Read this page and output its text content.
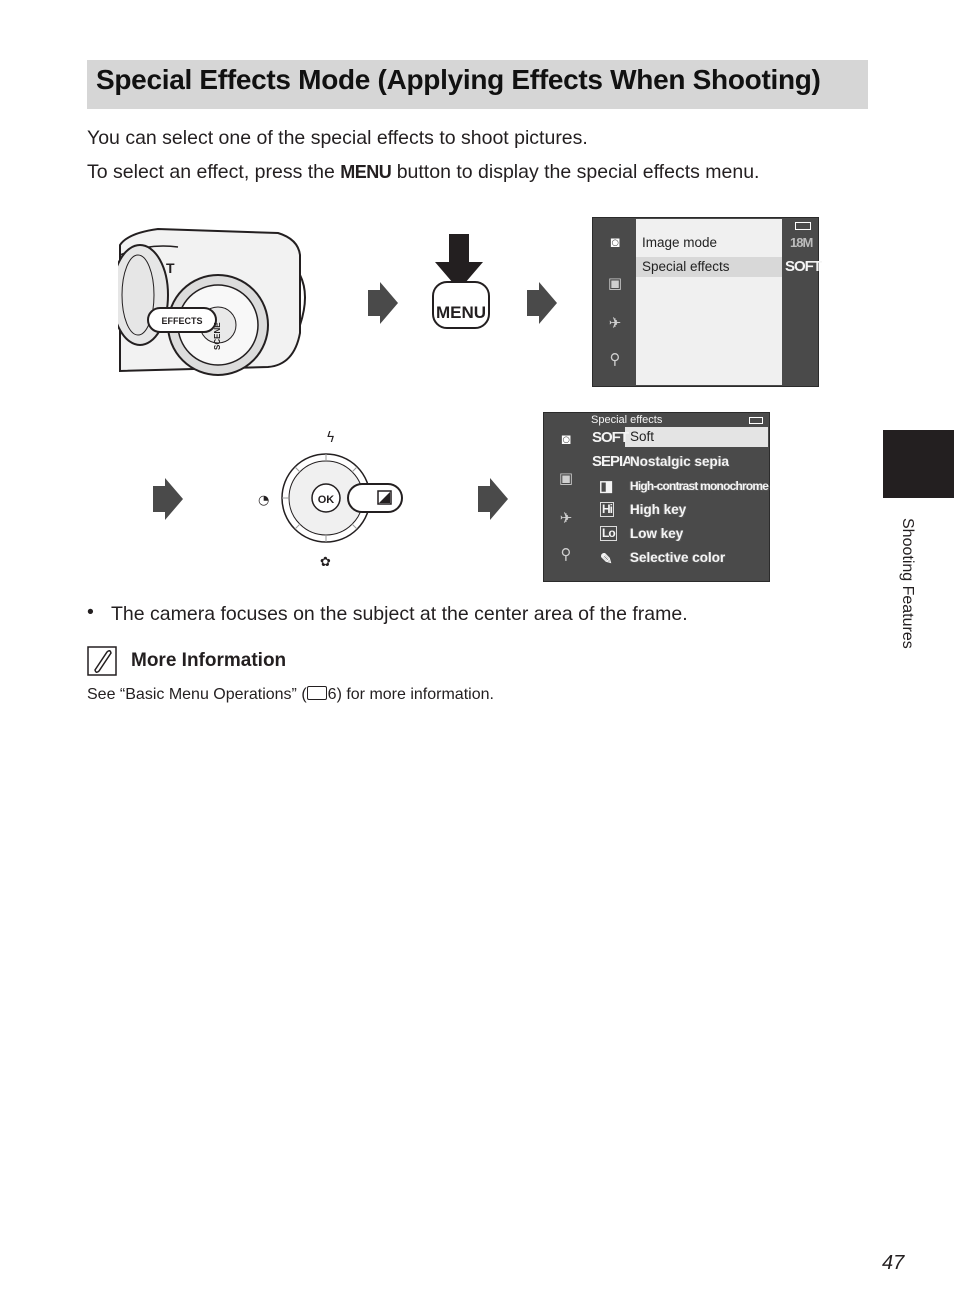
Special Effects Mode (Applying Effects When Shooting)
You can select one of the special effects to shoot pictures.
To select an effect, press the MENU button to display the special effects menu.
EFFECTS
SCENE
T
MENU
◙
▣
✈
⚲
Image mode
Special effects
18M
SOFT
ϟ
◔
✿
OK
◙
▣
✈
⚲
Special effects
SOFT Soft
SEPIA
Nostalgic sepia
◨ High-contrast monochrome
Hi High key
Lo Low key
✎ Selective color
• The camera focuses on the subject at the center area of the frame.
More Information
See “Basic Menu Operations” ( 6) for more information.
Shooting Features
47
